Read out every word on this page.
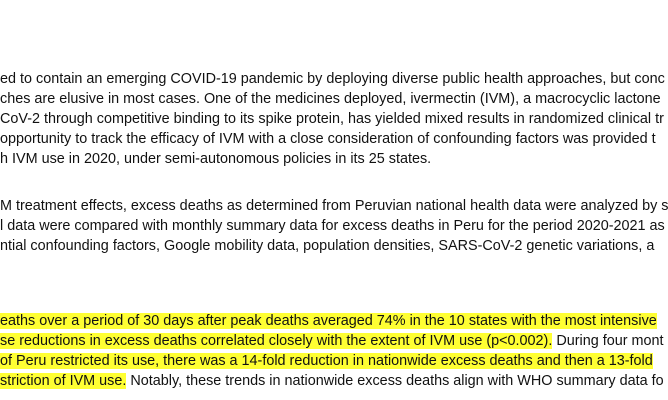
ed to contain an emerging COVID-19 pandemic by deploying diverse public health approaches, but conc
ches are elusive in most cases. One of the medicines deployed, ivermectin (IVM), a macrocyclic lactone
CoV-2 through competitive binding to its spike protein, has yielded mixed results in randomized clinical tr
opportunity to track the efficacy of IVM with a close consideration of confounding factors was provided t
h IVM use in 2020, under semi-autonomous policies in its 25 states.
M treatment effects, excess deaths as determined from Peruvian national health data were analyzed by s
l data were compared with monthly summary data for excess deaths in Peru for the period 2020-2021 as
ntial confounding factors, Google mobility data, population densities, SARS-CoV-2 genetic variations, a
eaths over a period of 30 days after peak deaths averaged 74% in the 10 states with the most intensive
se reductions in excess deaths correlated closely with the extent of IVM use (p<0.002). During four mont
of Peru restricted its use, there was a 14-fold reduction in nationwide excess deaths and then a 13-fold
striction of IVM use. Notably, these trends in nationwide excess deaths align with WHO summary data fo
